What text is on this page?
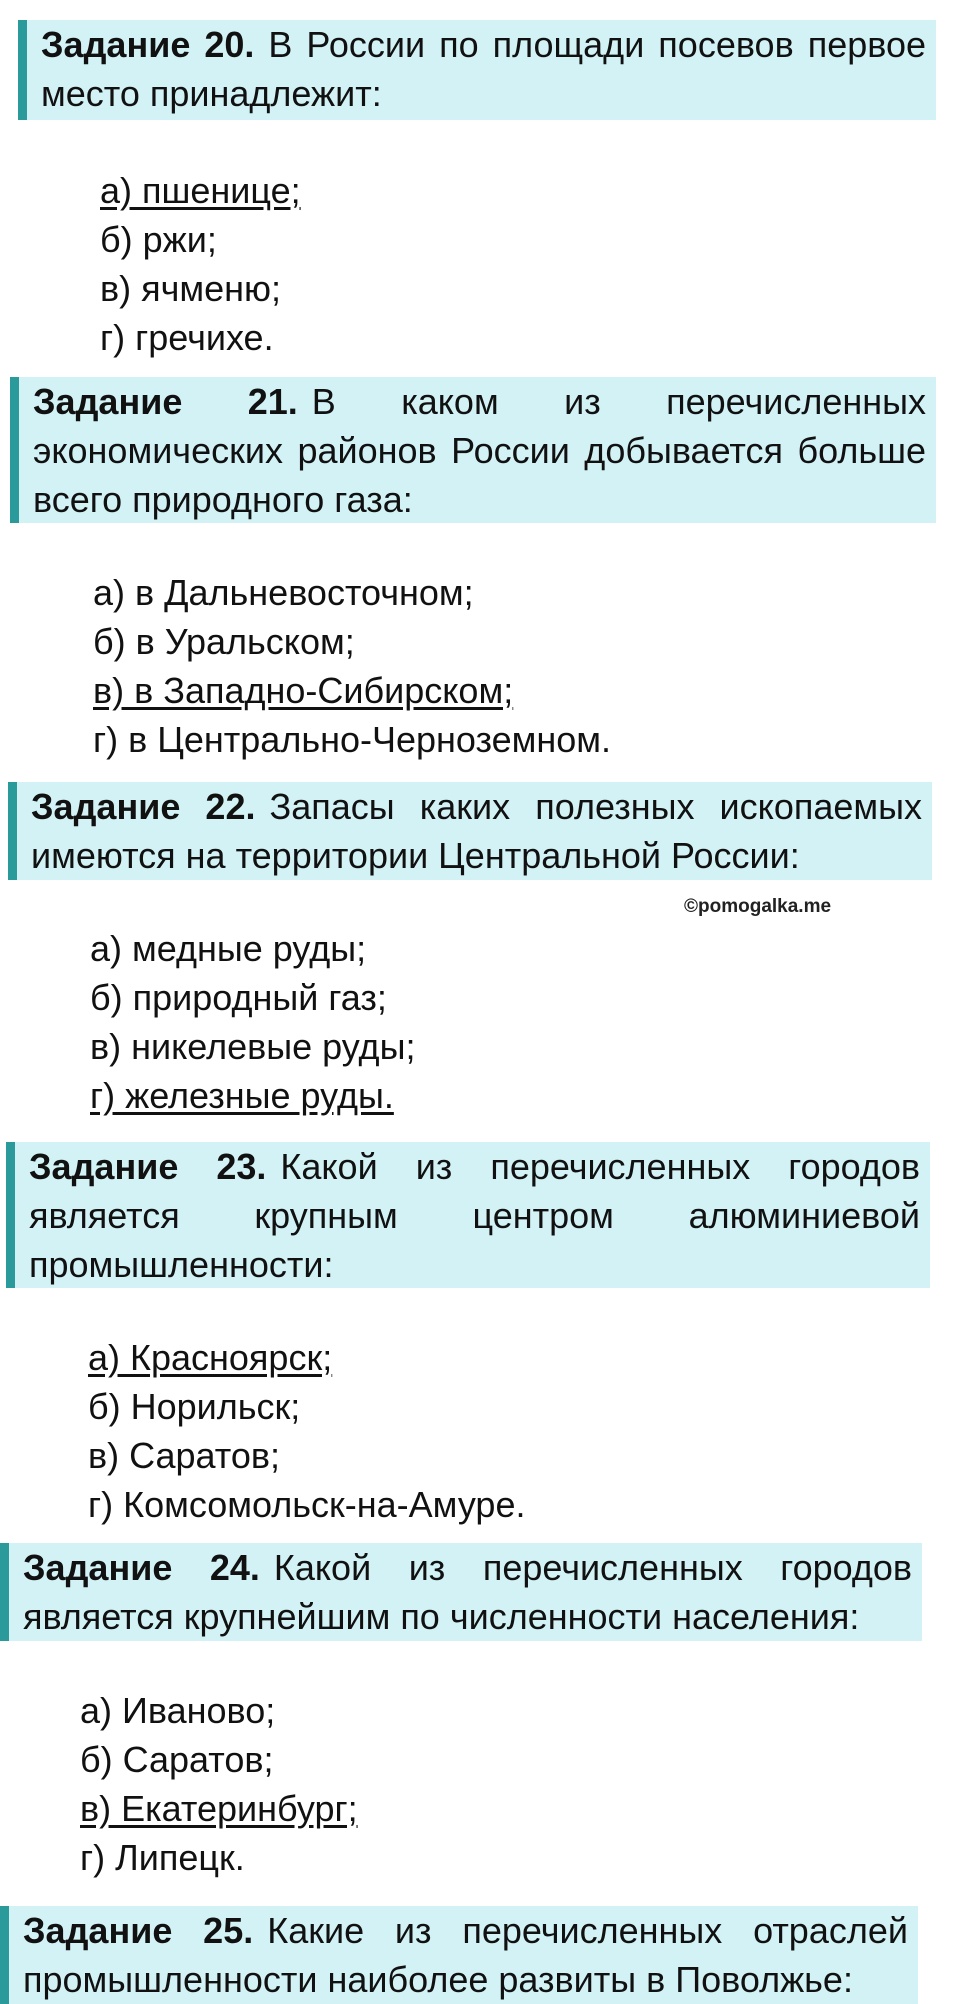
Задание 20. В России по площади посевов первое место принадлежит:
а) пшенице;
б) ржи;
в) ячменю;
г) гречихе.
Задание 21. В каком из перечисленных экономических районов России добывается больше всего природного газа:
а) в Дальневосточном;
б) в Уральском;
в) в Западно-Сибирском;
г) в Центрально-Черноземном.
Задание 22. Запасы каких полезных ископаемых имеются на территории Центральной России:
©pomogalka.me
а) медные руды;
б) природный газ;
в) никелевые руды;
г) железные руды.
Задание 23. Какой из перечисленных городов является крупным центром алюминиевой промышленности:
а) Красноярск;
б) Норильск;
в) Саратов;
г) Комсомольск-на-Амуре.
Задание 24. Какой из перечисленных городов является крупнейшим по численности населения:
а) Иваново;
б) Саратов;
в) Екатеринбург;
г) Липецк.
Задание 25. Какие из перечисленных отраслей промышленности наиболее развиты в Поволжье:
